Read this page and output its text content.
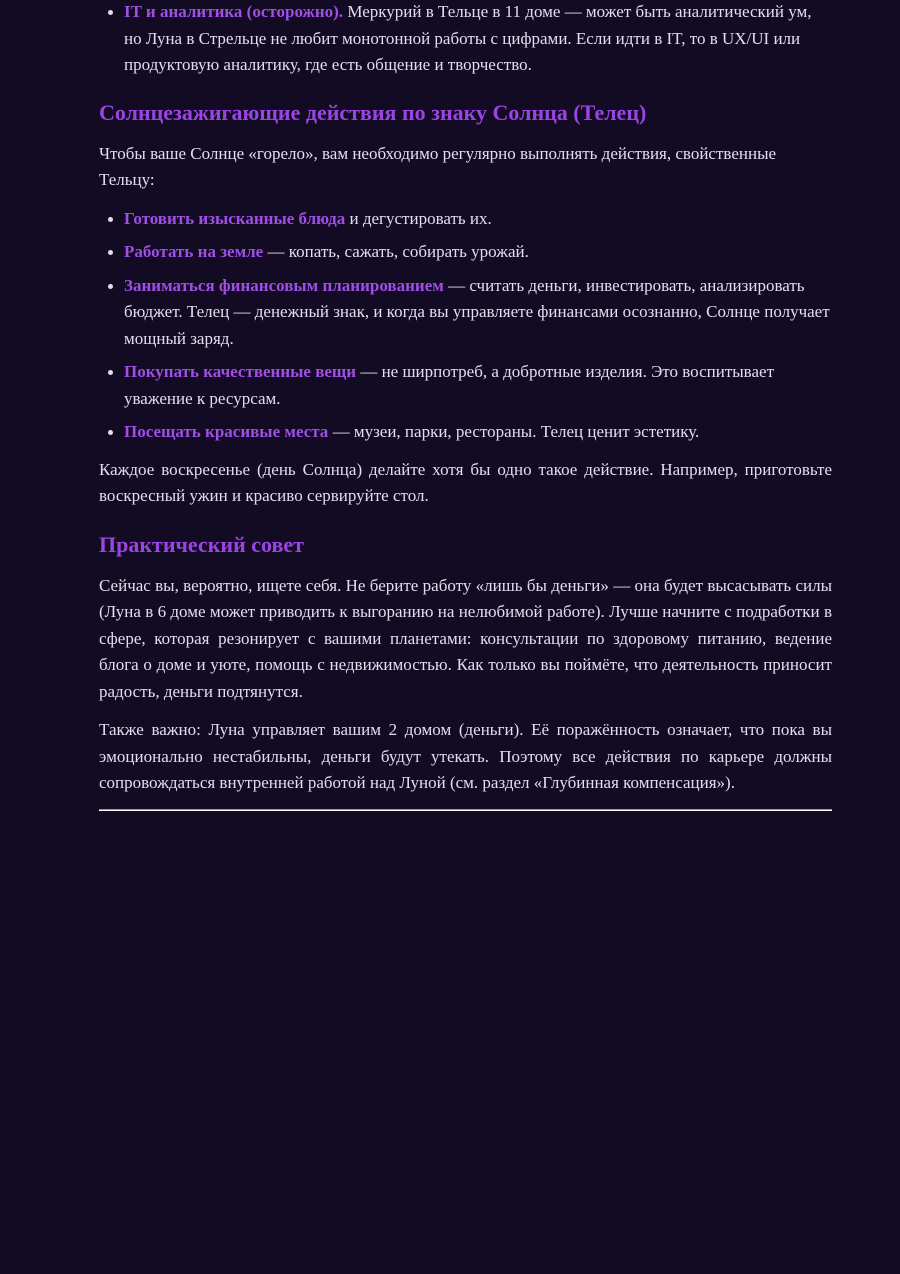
IT и аналитика (осторожно). Меркурий в Тельце в 11 доме — может быть аналитический ум, но Луна в Стрельце не любит монотонной работы с цифрами. Если идти в IT, то в UX/UI или продуктовую аналитику, где есть общение и творчество.
Солнцезажигающие действия по знаку Солнца (Телец)

Чтобы ваше Солнце «горело», вам необходимо регулярно выполнять действия, свойственные Тельцу:

Готовить изысканные блюда и дегустировать их.
Работать на земле — копать, сажать, собирать урожай.
Заниматься финансовым планированием — считать деньги, инвестировать, анализировать бюджет. Телец — денежный знак, и когда вы управляете финансами осознанно, Солнце получает мощный заряд.
Покупать качественные вещи — не ширпотреб, а добротные изделия. Это воспитывает уважение к ресурсам.
Посещать красивые места — музеи, парки, рестораны. Телец ценит эстетику.

Каждое воскресенье (день Солнца) делайте хотя бы одно такое действие. Например, приготовьте воскресный ужин и красиво сервируйте стол.

Практический совет

Сейчас вы, вероятно, ищете себя. Не берите работу «лишь бы деньги» — она будет высасывать силы (Луна в 6 доме может приводить к выгоранию на нелюбимой работе). Лучше начните с подработки в сфере, которая резонирует с вашими планетами: консультации по здоровому питанию, ведение блога о доме и уюте, помощь с недвижимостью. Как только вы поймёте, что деятельность приносит радость, деньги подтянутся.

Также важно: Луна управляет вашим 2 домом (деньги). Её поражённость означает, что пока вы эмоционально нестабильны, деньги будут утекать. Поэтому все действия по карьере должны сопровождаться внутренней работой над Луной (см. раздел «Глубинная компенсация»).
